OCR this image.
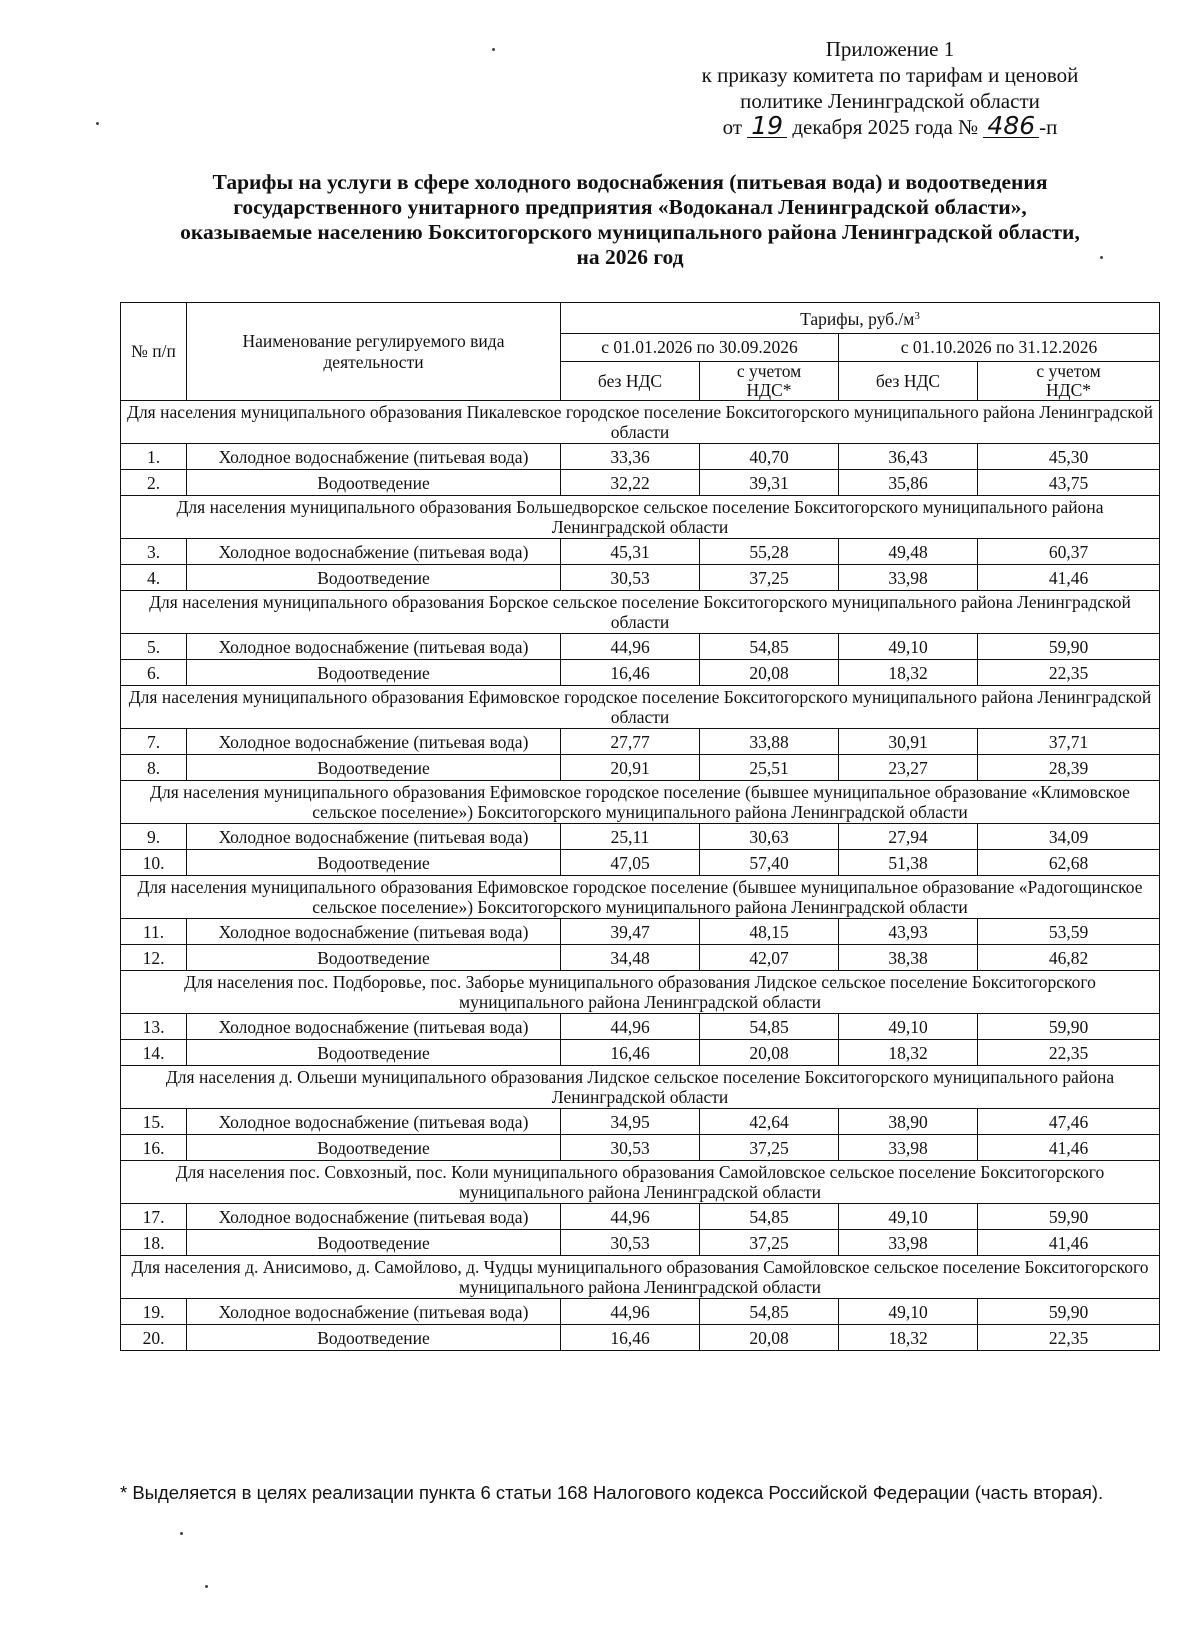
Приложение 1
к приказу комитета по тарифам и ценовой
политике Ленинградской области
от 19 декабря 2025 года № 486 -п
Тарифы на услуги в сфере холодного водоснабжения (питьевая вода) и водоотведения
государственного унитарного предприятия «Водоканал Ленинградской области»,
оказываемые населению Бокситогорского муниципального района Ленинградской области,
на 2026 год
№ п/п	Наименование регулируемого вида деятельности	Тарифы, $руб./м^3$
		с 01.01.2026 по 30.09.2026		с 01.10.2026 по 31.12.2026	
		без НДС	с учетом НДС*	без НДС	с учетом НДС*
Для населения муниципального образования Пикалевское городское поселение Бокситогорского муниципального района Ленинградской области					
1.	Холодное водоснабжение (питьевая вода)	33,36	40,70	36,43	45,30
2.	Водоотведение	32,22	39,31	35,86	43,75
Для населения муниципального образования Большедворское сельское поселение Бокситогорского муниципального района Ленинградской области					
3.	Холодное водоснабжение (питьевая вода)	45,31	55,28	49,48	60,37
4.	Водоотведение	30,53	37,25	33,98	41,46
Для населения муниципального образования Борское сельское поселение Бокситогорского муниципального района Ленинградской области					
5.	Холодное водоснабжение (питьевая вода)	44,96	54,85	49,10	59,90
6.	Водоотведение	16,46	20,08	18,32	22,35
Для населения муниципального образования Ефимовское городское поселение Бокситогорского муниципального района Ленинградской области					
7.	Холодное водоснабжение (питьевая вода)	27,77	33,88	30,91	37,71
8.	Водоотведение	20,91	25,51	23,27	28,39
Для населения муниципального образования Ефимовское городское поселение (бывшее муниципальное образование «Климовское сельское поселение») Бокситогорского муниципального района Ленинградской области					
9.	Холодное водоснабжение (питьевая вода)	25,11	30,63	27,94	34,09
10.	Водоотведение	47,05	57,40	51,38	62,68
Для населения муниципального образования Ефимовское городское поселение (бывшее муниципальное образование «Радогощинское сельское поселение») Бокситогорского муниципального района Ленинградской области					
11.	Холодное водоснабжение (питьевая вода)	39,47	48,15	43,93	53,59
12.	Водоотведение	34,48	42,07	38,38	46,82
Для населения пос. Подборовье, пос. Заборье муниципального образования Лидское сельское поселение Бокситогорского муниципального района Ленинградской области					
13.	Холодное водоснабжение (питьевая вода)	44,96	54,85	49,10	59,90
14.	Водоотведение	16,46	20,08	18,32	22,35
Для населения д. Ольеши муниципального образования Лидское сельское поселение Бокситогорского муниципального района Ленинградской области					
15.	Холодное водоснабжение (питьевая вода)	34,95	42,64	38,90	47,46
16.	Водоотведение	30,53	37,25	33,98	41,46
Для населения пос. Совхозный, пос. Коли муниципального образования Самойловское сельское поселение Бокситогорского муниципального района Ленинградской области					
17.	Холодное водоснабжение (питьевая вода)	44,96	54,85	49,10	59,90
18.	Водоотведение	30,53	37,25	33,98	41,46
Для населения д. Анисимово, д. Самойлово, д. Чудцы муниципального образования Самойловское сельское поселение Бокситогорского муниципального района Ленинградской области					
19.	Холодное водоснабжение (питьевая вода)	44,96	54,85	49,10	59,90
20.	Водоотведение	16,46	20,08	18,32	22,35
* Выделяется в целях реализации пункта 6 статьи 168 Налогового кодекса Российской Федерации (часть вторая).
